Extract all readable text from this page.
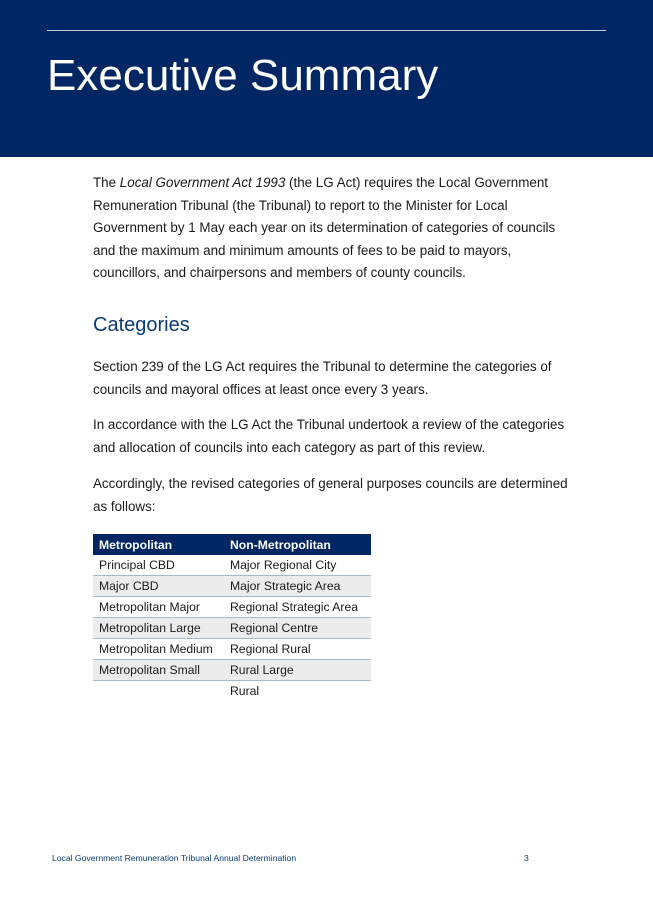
Executive Summary

The Local Government Act 1993 (the LG Act) requires the Local Government Remuneration Tribunal (the Tribunal) to report to the Minister for Local Government by 1 May each year on its determination of categories of councils and the maximum and minimum amounts of fees to be paid to mayors, councillors, and chairpersons and members of county councils.

Categories

Section 239 of the LG Act requires the Tribunal to determine the categories of councils and mayoral offices at least once every 3 years.

In accordance with the LG Act the Tribunal undertook a review of the categories and allocation of councils into each category as part of this review.

Accordingly, the revised categories of general purposes councils are determined as follows:

Metropolitan	Non-Metropolitan
Principal CBD	Major Regional City
Major CBD	Major Strategic Area
Metropolitan Major	Regional Strategic Area
Metropolitan Large	Regional Centre
Metropolitan Medium	Regional Rural
Metropolitan Small	Rural Large
	Rural
Local Government Remuneration Tribunal Annual Determination	3
